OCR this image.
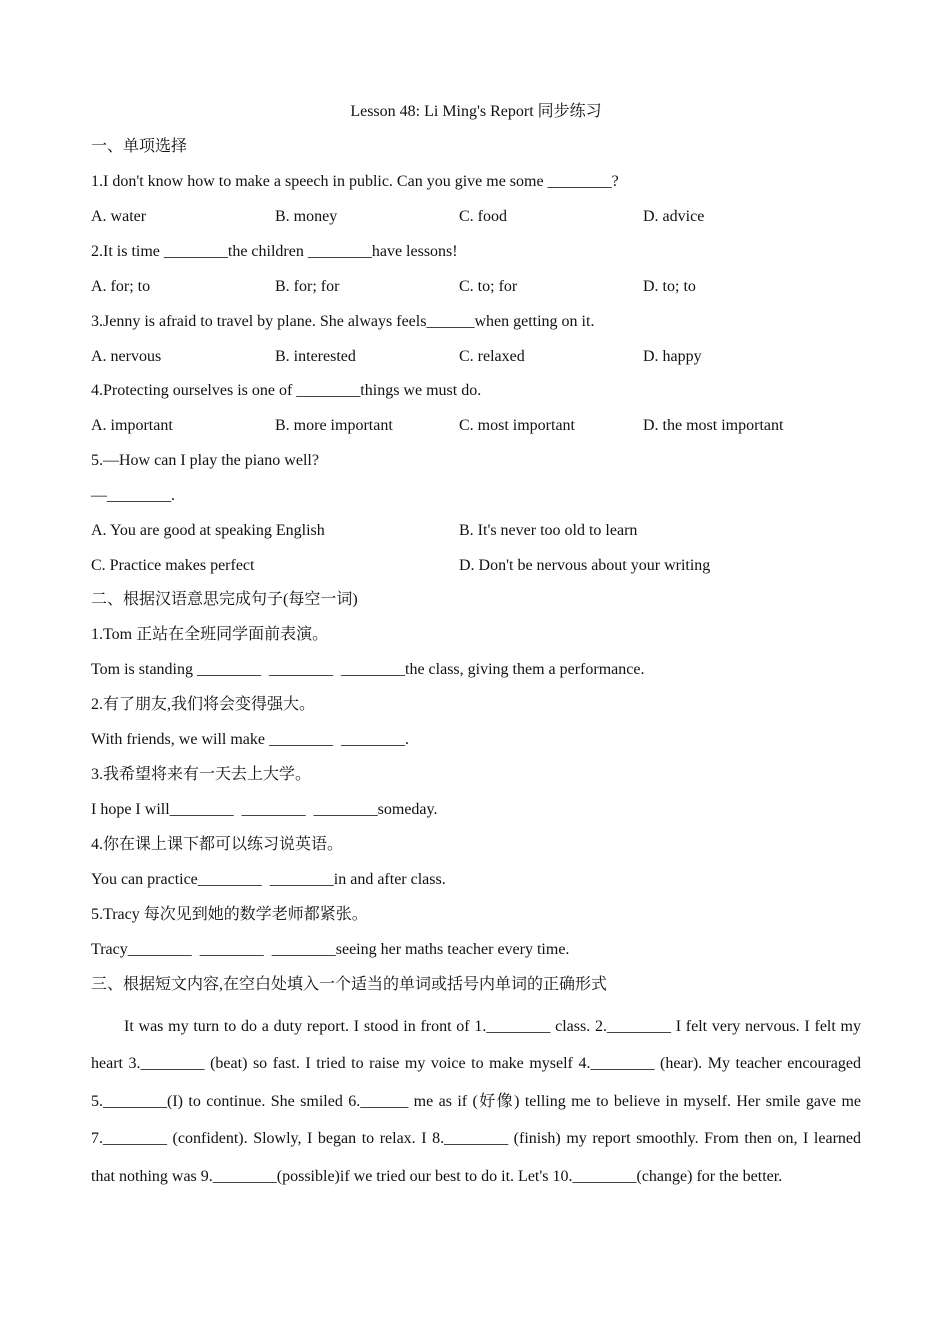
Lesson 48: Li Ming's Report 同步练习
一、单项选择
1.I don't know how to make a speech in public. Can you give me some ________?
A. water	B. money	C. food	D. advice
2.It is time ________the children ________have lessons!
A. for; to	B. for; for	C. to; for	D. to; to
3.Jenny is afraid to travel by plane. She always feels______when getting on it.
A. nervous	B. interested	C. relaxed	D. happy
4.Protecting ourselves is one of ________things we must do.
A. important	B. more important	C. most important	D. the most important
5.—How can I play the piano well?
—________.
A. You are good at speaking English	B. It's never too old to learn
C. Practice makes perfect	D. Don't be nervous about your writing
二、根据汉语意思完成句子(每空一词)
1.Tom 正站在全班同学面前表演。
Tom is standing ________  ________  ________the class, giving them a performance.
2.有了朋友,我们将会变得强大。
With friends, we will make ________  ________.
3.我希望将来有一天去上大学。
I hope I will________  ________  ________someday.
4.你在课上课下都可以练习说英语。
You can practice________  ________in and after class.
5.Tracy 每次见到她的数学老师都紧张。
Tracy________  ________  ________seeing her maths teacher every time.
三、根据短文内容,在空白处填入一个适当的单词或括号内单词的正确形式
It was my turn to do a duty report. I stood in front of 1.________ class. 2.________ I felt very nervous. I felt my heart 3.________ (beat) so fast. I tried to raise my voice to make myself 4.________ (hear). My teacher encouraged 5.________(I) to continue. She smiled 6.______ me as if (好像) telling me to believe in myself. Her smile gave me 7.________ (confident). Slowly, I began to relax. I 8.________ (finish) my report smoothly. From then on, I learned that nothing was 9.________(possible)if we tried our best to do it. Let's 10.________(change) for the better.
